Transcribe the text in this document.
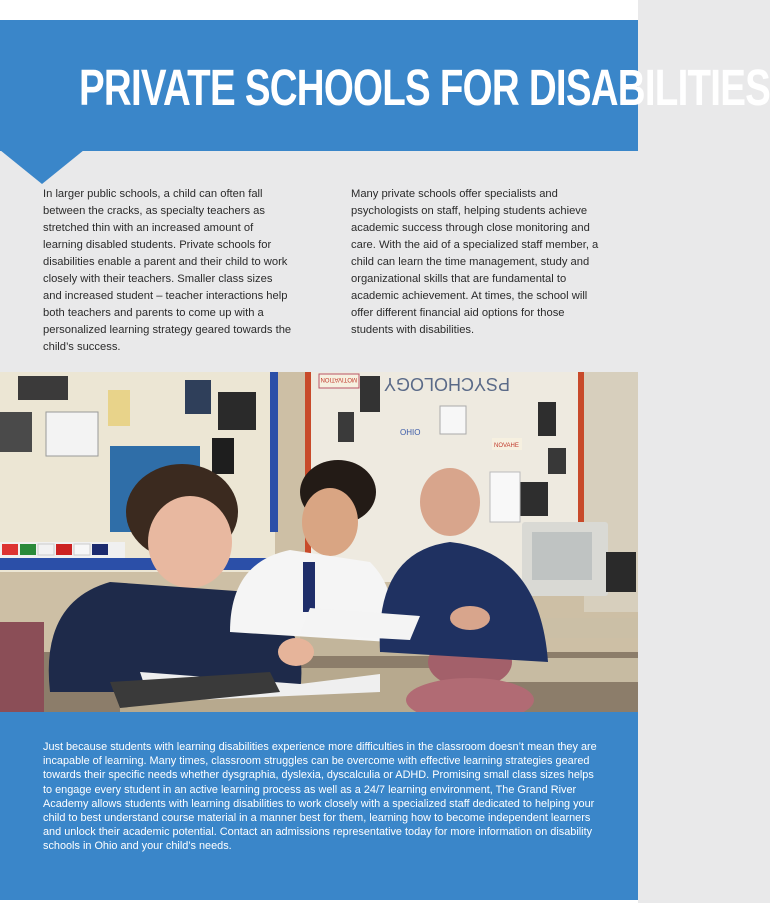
PRIVATE SCHOOLS FOR DISABILITIES

In larger public schools, a child can often fall between the cracks, as specialty teachers as stretched thin with an increased amount of learning disabled students. Private schools for disabilities enable a parent and their child to work closely with their teachers. Smaller class sizes and increased student – teacher interactions help both teachers and parents to come up with a personalized learning strategy geared towards the child’s success.

Many private schools offer specialists and psychologists on staff, helping students achieve academic success through close monitoring and care. With the aid of a specialized staff member, a child can learn the time management, study and organizational skills that are fundamental to academic achievement. At times, the school will offer different financial aid options for those students with disabilities.

PSYCHOLOGY
MOTIVATION
NOVAHE
OHIO

Just because students with learning disabilities experience more difficulties in the classroom doesn’t mean they are incapable of learning. Many times, classroom struggles can be overcome with effective learning strategies geared towards their specific needs whether dysgraphia, dyslexia, dyscalculia or ADHD. Promising small class sizes helps to engage every student in an active learning process as well as a 24/7 learning environment, The Grand River Academy allows students with learning disabilities to work closely with a specialized staff dedicated to helping your child to best understand course material in a manner best for them, learning how to become independent learners and unlock their academic potential. Contact an admissions representative today for more information on disability schools in Ohio and your child’s needs.
